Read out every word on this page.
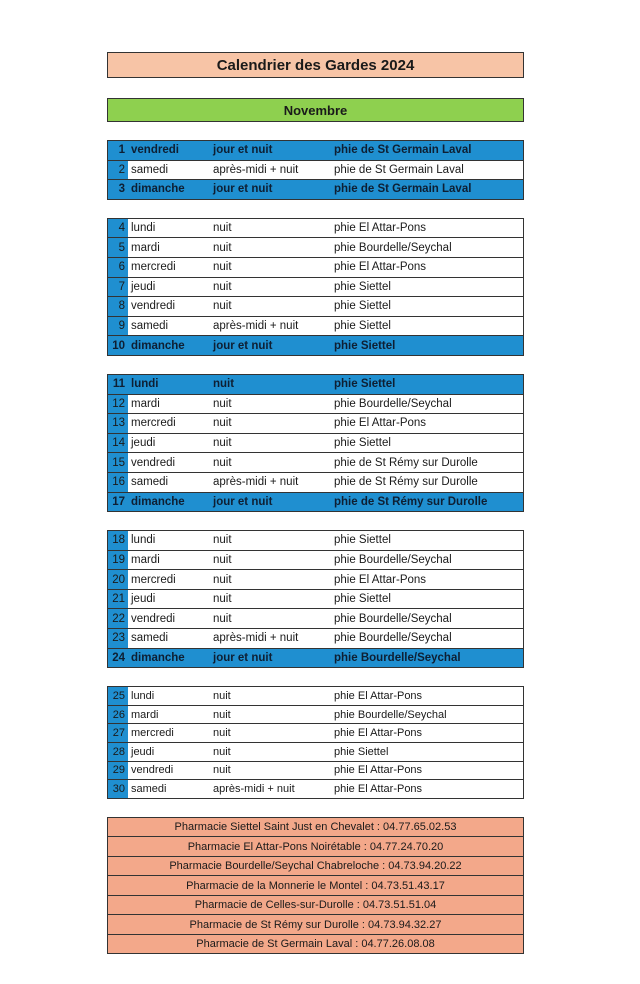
Calendrier des Gardes 2024
Novembre
1 vendredi	jour et nuit	phie de St Germain Laval
2 samedi	après-midi + nuit	phie de St Germain Laval
3 dimanche	jour et nuit	phie de St Germain Laval
4 lundi	nuit	phie El Attar-Pons
5 mardi	nuit	phie Bourdelle/Seychal
6 mercredi	nuit	phie El Attar-Pons
7 jeudi	nuit	phie Siettel
8 vendredi	nuit	phie Siettel
9 samedi	après-midi + nuit	phie Siettel
10 dimanche	jour et nuit	phie Siettel
11 lundi	nuit	phie Siettel
12 mardi	nuit	phie Bourdelle/Seychal
13 mercredi	nuit	phie El Attar-Pons
14 jeudi	nuit	phie Siettel
15 vendredi	nuit	phie de St Rémy sur Durolle
16 samedi	après-midi + nuit	phie de St Rémy sur Durolle
17 dimanche	jour et nuit	phie de St Rémy sur Durolle
18 lundi	nuit	phie Siettel
19 mardi	nuit	phie Bourdelle/Seychal
20 mercredi	nuit	phie El Attar-Pons
21 jeudi	nuit	phie Siettel
22 vendredi	nuit	phie Bourdelle/Seychal
23 samedi	après-midi + nuit	phie Bourdelle/Seychal
24 dimanche	jour et nuit	phie Bourdelle/Seychal
25 lundi	nuit	phie El Attar-Pons
26 mardi	nuit	phie Bourdelle/Seychal
27 mercredi	nuit	phie El Attar-Pons
28 jeudi	nuit	phie Siettel
29 vendredi	nuit	phie El Attar-Pons
30 samedi	après-midi + nuit	phie El Attar-Pons
Pharmacie Siettel Saint Just en Chevalet : 04.77.65.02.53
Pharmacie El Attar-Pons Noirétable : 04.77.24.70.20
Pharmacie Bourdelle/Seychal Chabreloche : 04.73.94.20.22
Pharmacie de la Monnerie le Montel : 04.73.51.43.17
Pharmacie de Celles-sur-Durolle : 04.73.51.51.04
Pharmacie de St Rémy sur Durolle : 04.73.94.32.27
Pharmacie de St Germain Laval : 04.77.26.08.08
